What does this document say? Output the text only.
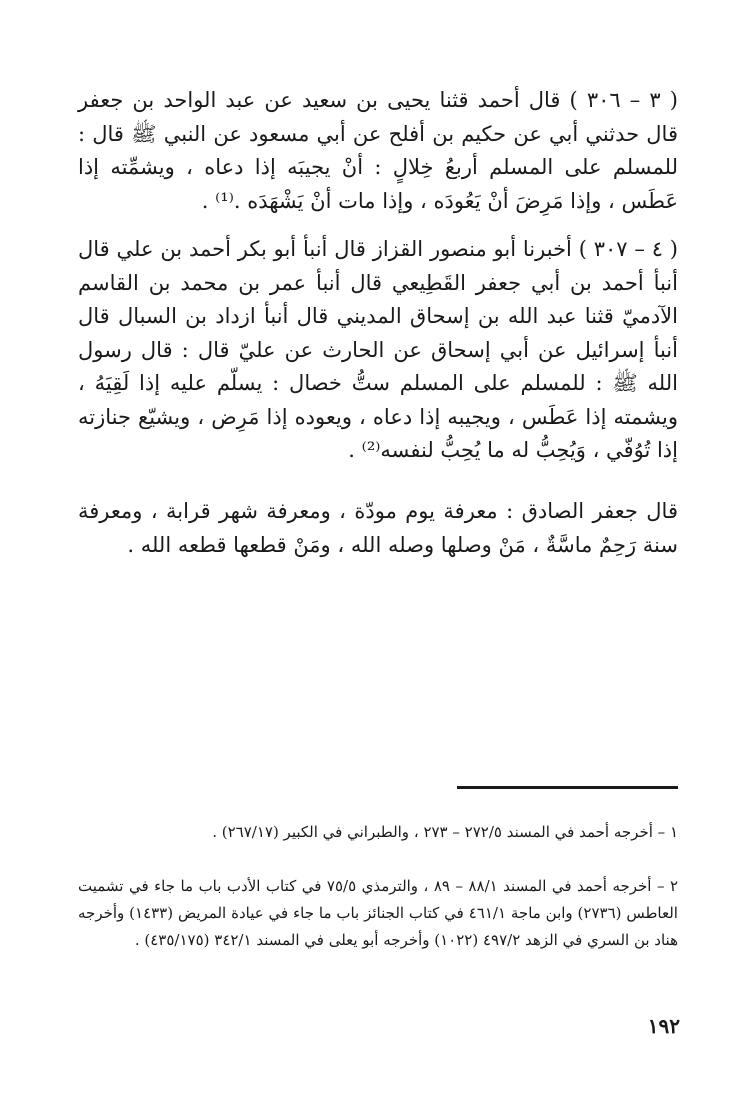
( ٣ – ٣٠٦ ) قال أحمد قثنا يحيى بن سعيد عن عبد الواحد بن جعفر قال حدثني أبي عن حكيم بن أفلح عن أبي مسعود عن النبي ﷺ قال : للمسلم على المسلم أربعُ خِلالٍ : أنْ يجيبَه إذا دعاه ، ويشمِّته إذا عَطَس ، وإذا مَرِضَ أنْ يَعُودَه ، وإذا مات أنْ يَشْهَدَه .⁽¹⁾ .

( ٤ – ٣٠٧ ) أخبرنا أبو منصور القزاز قال أنبأ أبو بكر أحمد بن علي قال أنبأ أحمد بن أبي جعفر القَطِيعي قال أنبأ عمر بن محمد بن القاسم الآدميّ قثنا عبد الله بن إسحاق المديني قال أنبأ ازداد بن السبال قال أنبأ إسرائيل عن أبي إسحاق عن الحارث عن عليّ قال : قال رسول الله ﷺ : للمسلم على المسلم ستُّ خصال : يسلّم عليه إذا لَقِيَهُ ، ويشمته إذا عَطَس ، ويجيبه إذا دعاه ، ويعوده إذا مَرِض ، ويشيّع جنازته إذا تُوُفّي ، وَيُحِبُّ له ما يُحِبُّ لنفسه⁽²⁾ .

قال جعفر الصادق : معرفة يوم مودّة ، ومعرفة شهر قرابة ، ومعرفة سنة رَحِمٌ ماسَّةٌ ، مَنْ وصلها وصله الله ، ومَنْ قطعها قطعه الله .

١ – أخرجه أحمد في المسند ٢٧٢/٥ – ٢٧٣ ، والطبراني في الكبير (٢٦٧/١٧) .

٢ – أخرجه أحمد في المسند ٨٨/١ – ٨٩ ، والترمذي ٧٥/٥ في كتاب الأدب باب ما جاء في تشميت العاطس (٢٧٣٦) وابن ماجة ٤٦١/١ في كتاب الجنائز باب ما جاء في عيادة المريض (١٤٣٣) وأخرجه هناد بن السري في الزهد ٤٩٧/٢ (١٠٢٢) وأخرجه أبو يعلى في المسند ٣٤٢/١ (٤٣٥/١٧٥) .

١٩٢
